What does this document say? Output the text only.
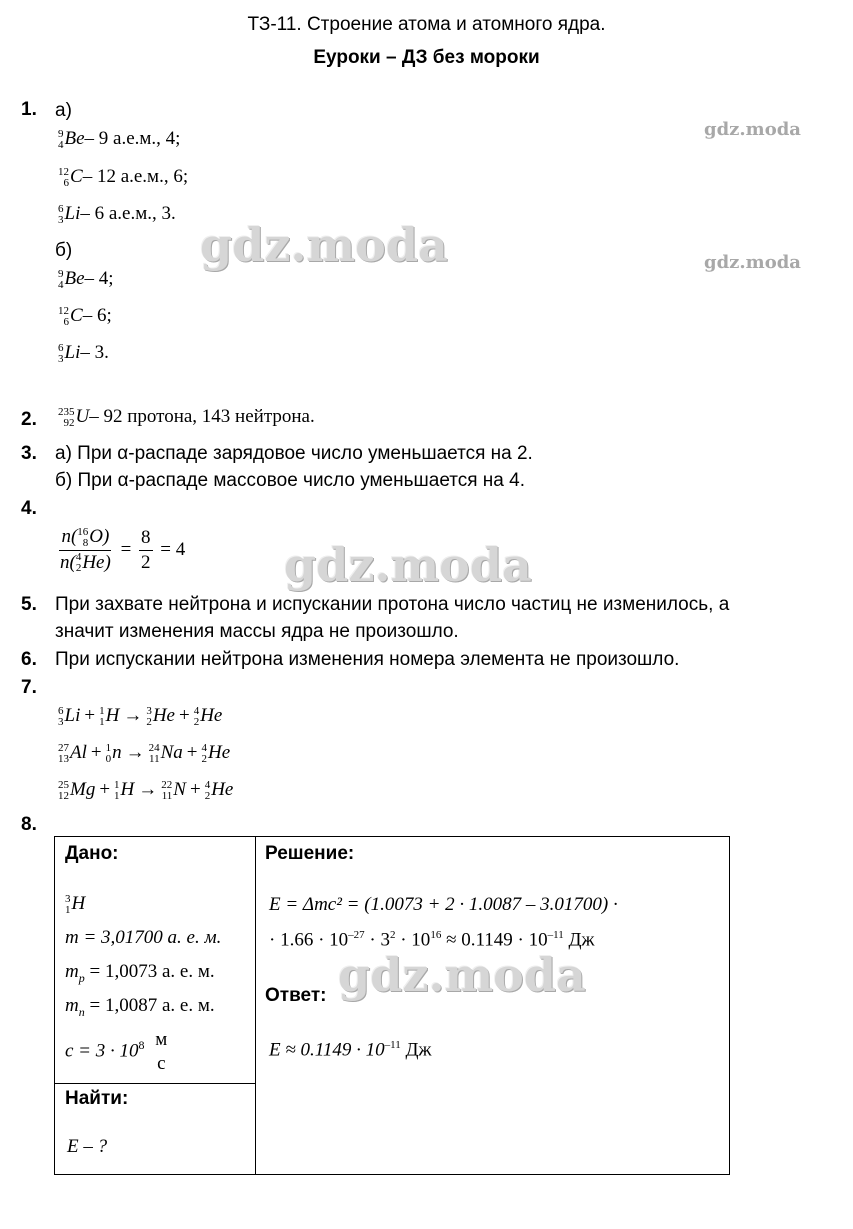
ТЗ-11. Строение атома и атомного ядра.
Еуроки – ДЗ без мороки
gdz.moda
gdz.moda
gdz.moda
gdz.moda
gdz.moda
1. а)
9
4 Be– 9 а.е.м., 4;
12
6 C– 12 а.е.м., 6;
6
3 Li– 6 а.е.м., 3.
б)
9
4 Be– 4;
12
6 C– 6;
6
3 Li– 3.
2. 235
92 U– 92 протона, 143 нейтрона.
3. а) При α-распаде зарядовое число уменьшается на 2.
б) При α-распаде массовое число уменьшается на 4.
4.
n( 16
8 O)
n( 4
2 $He) = \frac{8}{2} = 4$
5. При захвате нейтрона и испускании протона число частиц не изменилось, а
значит изменения массы ядра не произошло.
6. При испускании нейтрона изменения номера элемента не произошло.
7.
6
3 Li + 1
1 H → 3
2 He + 4
2 He
27
13 Al + 1
0 n → 24
11 Na + 4
2 He
25
12 Mg + 1
1 H → 22
11 N + 4
2 He
8.
Дано:
3
1 H
m = 3,01700 а. е. м.
$m_p = 1,0073$ а. е. м.
$m_n = 1,0087$ а. е. м.
$c = 3 \cdot 10^8$ м
с

Решение:
E = Δmc² = (1.0073 + 2 · 1.0087 – 3.01700) ·
· $1.66 \cdot 10^{-27} \cdot 3^2 \cdot 10^{16} \approx 0.1149 \cdot 10^{-11}$ Дж
Ответ:
$E \approx 0.1149 \cdot 10^{-11}$ Дж

Найти:
E – ?
